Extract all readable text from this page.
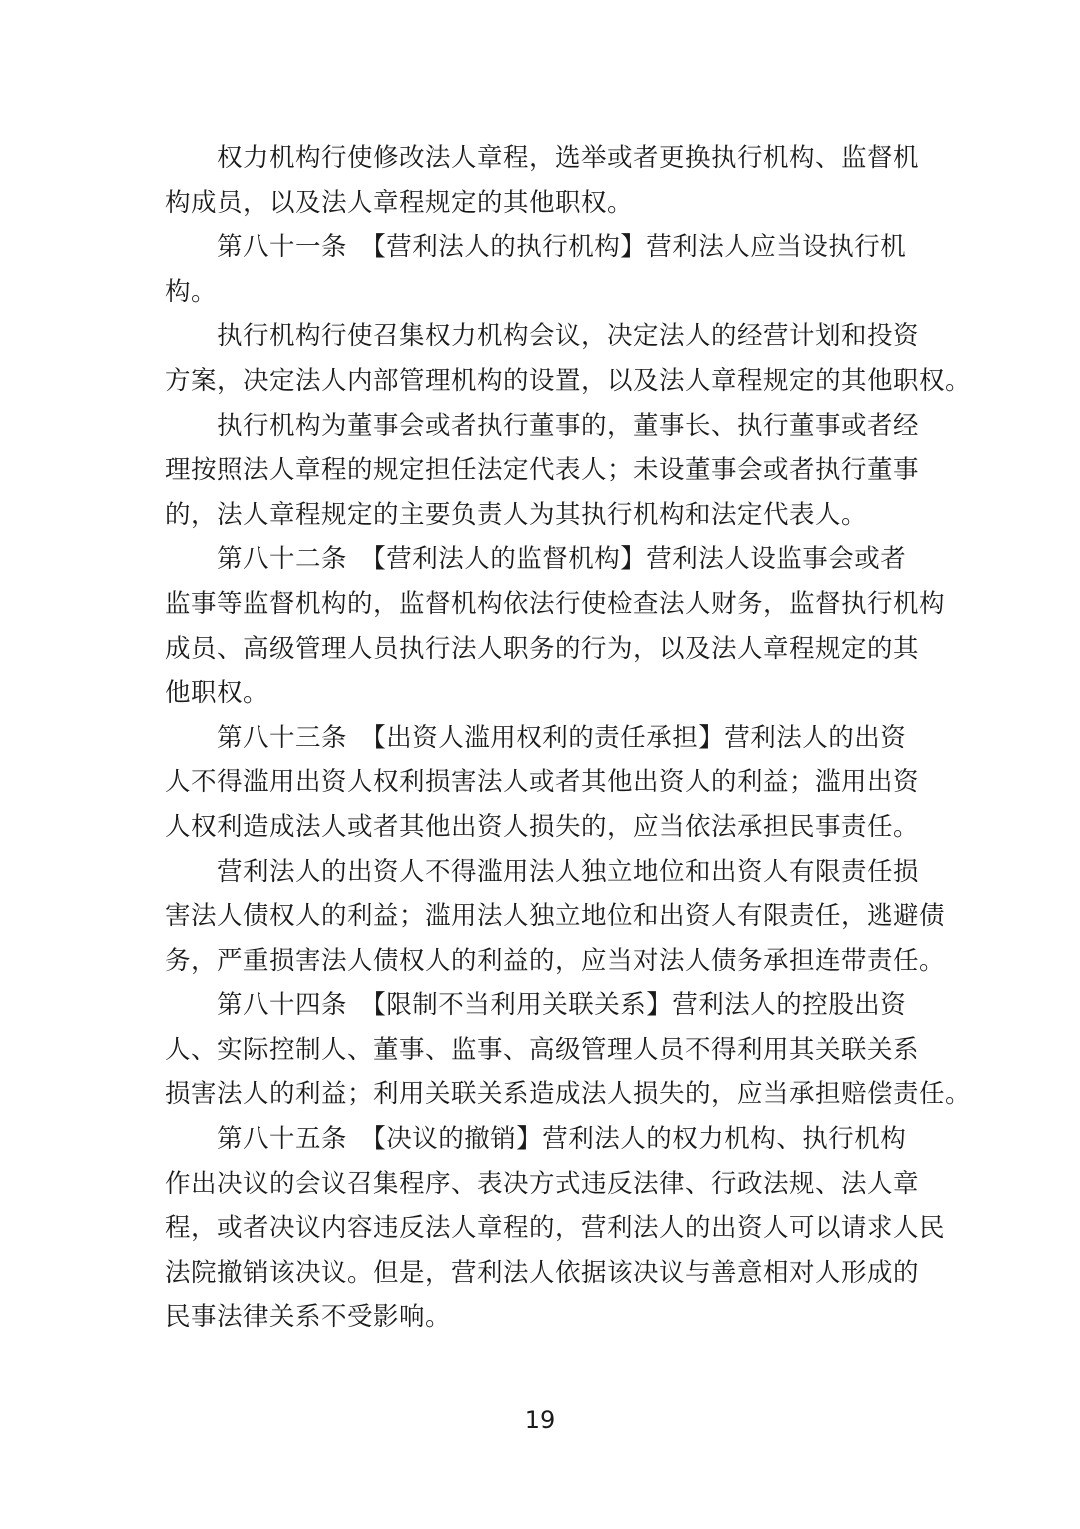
权力机构行使修改法人章程，选举或者更换执行机构、监督机
构成员，以及法人章程规定的其他职权。
第八十一条　【营利法人的执行机构】营利法人应当设执行机
构。
执行机构行使召集权力机构会议，决定法人的经营计划和投资
方案，决定法人内部管理机构的设置，以及法人章程规定的其他职权。
执行机构为董事会或者执行董事的，董事长、执行董事或者经
理按照法人章程的规定担任法定代表人；未设董事会或者执行董事
的，法人章程规定的主要负责人为其执行机构和法定代表人。
第八十二条　【营利法人的监督机构】营利法人设监事会或者
监事等监督机构的，监督机构依法行使检查法人财务，监督执行机构
成员、高级管理人员执行法人职务的行为，以及法人章程规定的其
他职权。
第八十三条　【出资人滥用权利的责任承担】营利法人的出资
人不得滥用出资人权利损害法人或者其他出资人的利益；滥用出资
人权利造成法人或者其他出资人损失的，应当依法承担民事责任。
营利法人的出资人不得滥用法人独立地位和出资人有限责任损
害法人债权人的利益；滥用法人独立地位和出资人有限责任，逃避债
务，严重损害法人债权人的利益的，应当对法人债务承担连带责任。
第八十四条　【限制不当利用关联关系】营利法人的控股出资
人、实际控制人、董事、监事、高级管理人员不得利用其关联关系
损害法人的利益；利用关联关系造成法人损失的，应当承担赔偿责任。
第八十五条　【决议的撤销】营利法人的权力机构、执行机构
作出决议的会议召集程序、表决方式违反法律、行政法规、法人章
程，或者决议内容违反法人章程的，营利法人的出资人可以请求人民
法院撤销该决议。但是，营利法人依据该决议与善意相对人形成的
民事法律关系不受影响。
19
